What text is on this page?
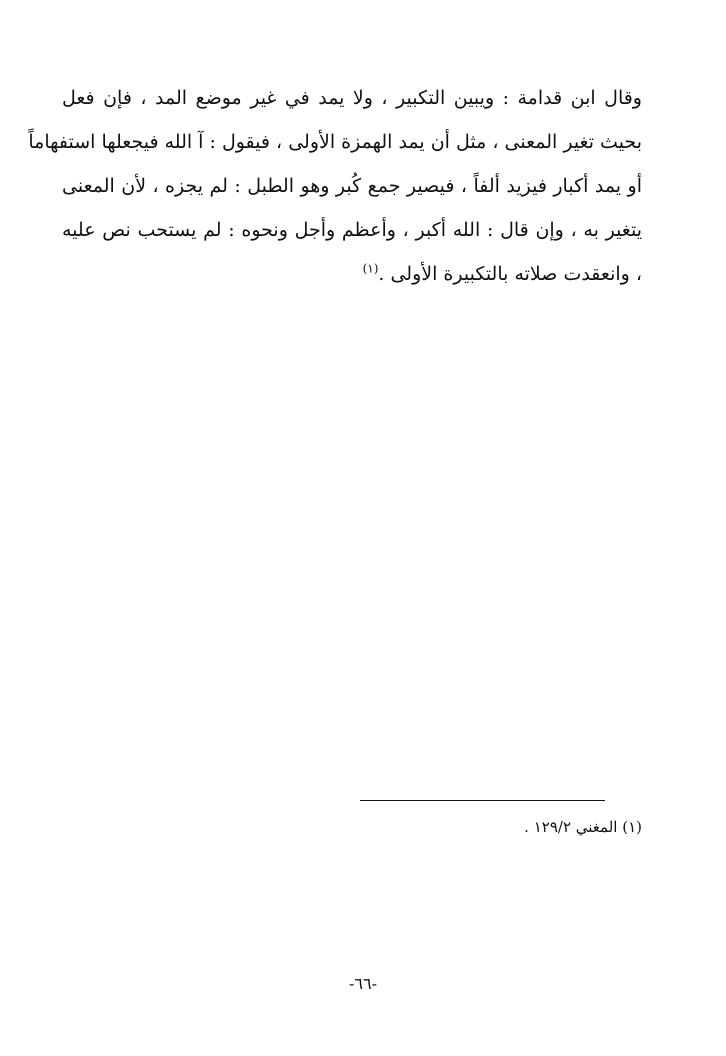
وقال ابن قدامة : ويبين التكبير ، ولا يمد في غير موضع المد ، فإن فعل
بحيث تغير المعنى ، مثل أن يمد الهمزة الأولى ، فيقول : آ الله فيجعلها استفهاماً
أو يمد أكبار فيزيد ألفاً ، فيصير جمع كُبر وهو الطبل : لم يجزه ، لأن المعنى
يتغير به ، وإن قال : الله أكبر ، وأعظم وأجل ونحوه : لم يستحب نص عليه
، وانعقدت صلاته بالتكبيرة الأولى .$^{(١)}$
(١) المغني ١٢٩/٢ .
-٦٦-
